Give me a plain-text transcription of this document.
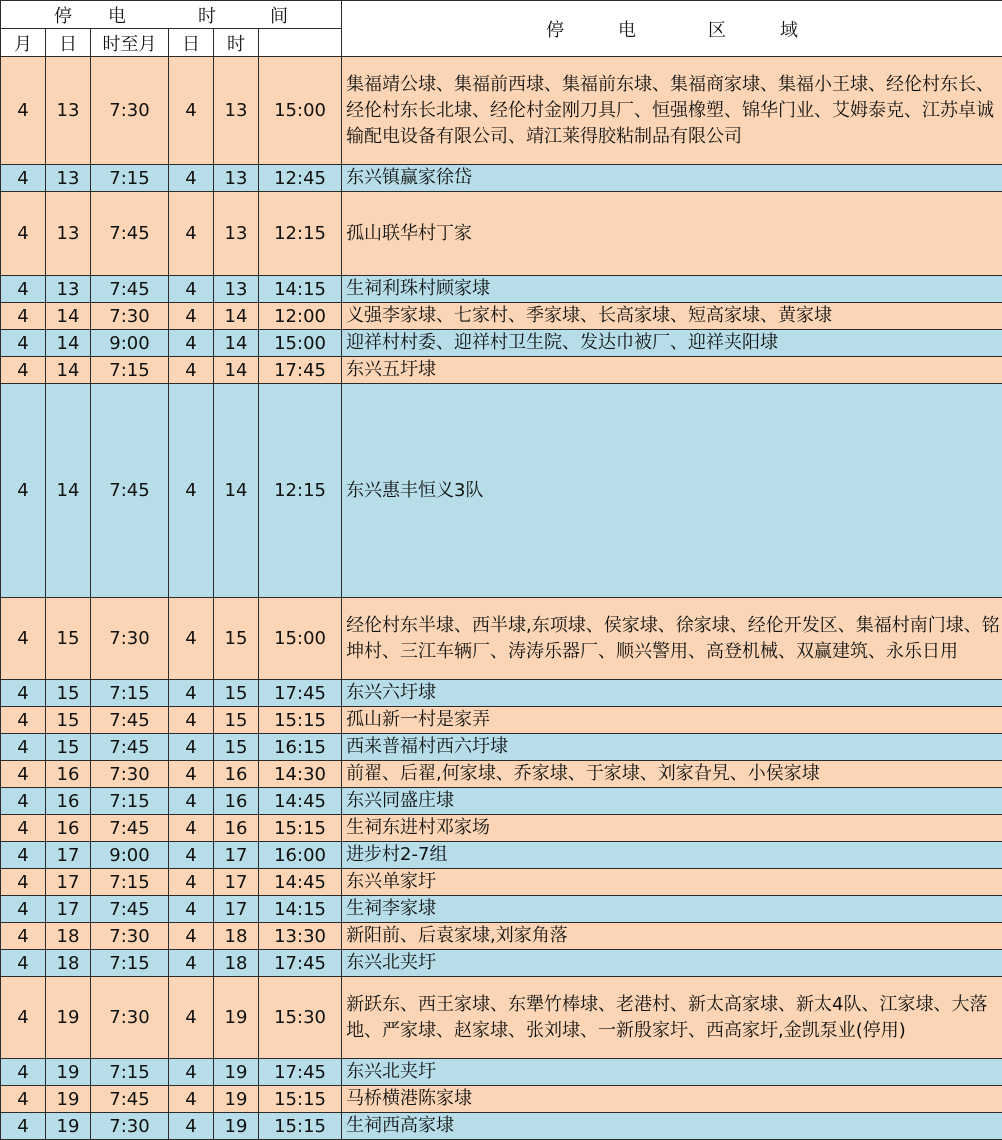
停　　电　　　　时　　　间						停　　　电　　　　区　　　域
月	日	时至月	日	时		
4	13	7:30	4	13	15:00	集福靖公埭、集福前西埭、集福前东埭、集福商家埭、集福小王埭、经伦村东长、经伦村东长北埭、经伦村金刚刀具厂、恒强橡塑、锦华门业、艾姆泰克、江苏卓诚输配电设备有限公司、靖江莱得胶粘制品有限公司
4	13	7:15	4	13	12:45	东兴镇赢家徐岱
4	13	7:45	4	13	12:15	孤山联华村丁家
4	13	7:45	4	13	14:15	生祠利珠村顾家埭
4	14	7:30	4	14	12:00	义强李家埭、七家村、季家埭、长高家埭、短高家埭、黄家埭
4	14	9:00	4	14	15:00	迎祥村村委、迎祥村卫生院、发达巾被厂、迎祥夹阳埭
4	14	7:15	4	14	17:45	东兴五圩埭
4	14	7:45	4	14	12:15	东兴惠丰恒义3队
4	15	7:30	4	15	15:00	经伦村东半埭、西半埭,东项埭、侯家埭、徐家埭、经伦开发区、集福村南门埭、铭坤村、三江车辆厂、涛涛乐器厂、顺兴警用、高登机械、双赢建筑、永乐日用
4	15	7:15	4	15	17:45	东兴六圩埭
4	15	7:45	4	15	15:15	孤山新一村是家弄
4	15	7:45	4	15	16:15	西来普福村西六圩埭
4	16	7:30	4	16	14:30	前翟、后翟,何家埭、乔家埭、于家埭、刘家旮旯、小侯家埭
4	16	7:15	4	16	14:45	东兴同盛庄埭
4	16	7:45	4	16	15:15	生祠东进村邓家场
4	17	9:00	4	17	16:00	进步村2-7组
4	17	7:15	4	17	14:45	东兴单家圩
4	17	7:45	4	17	14:15	生祠李家埭
4	18	7:30	4	18	13:30	新阳前、后袁家埭,刘家角落
4	18	7:15	4	18	17:45	东兴北夹圩
4	19	7:30	4	19	15:30	新跃东、西王家埭、东犟竹棒埭、老港村、新太高家埭、新太4队、江家埭、大落地、严家埭、赵家埭、张刘埭、一新殷家圩、西高家圩,金凯泵业(停用)
4	19	7:15	4	19	17:45	东兴北夹圩
4	19	7:45	4	19	15:15	马桥横港陈家埭
4	19	7:30	4	19	15:15	生祠西高家埭
